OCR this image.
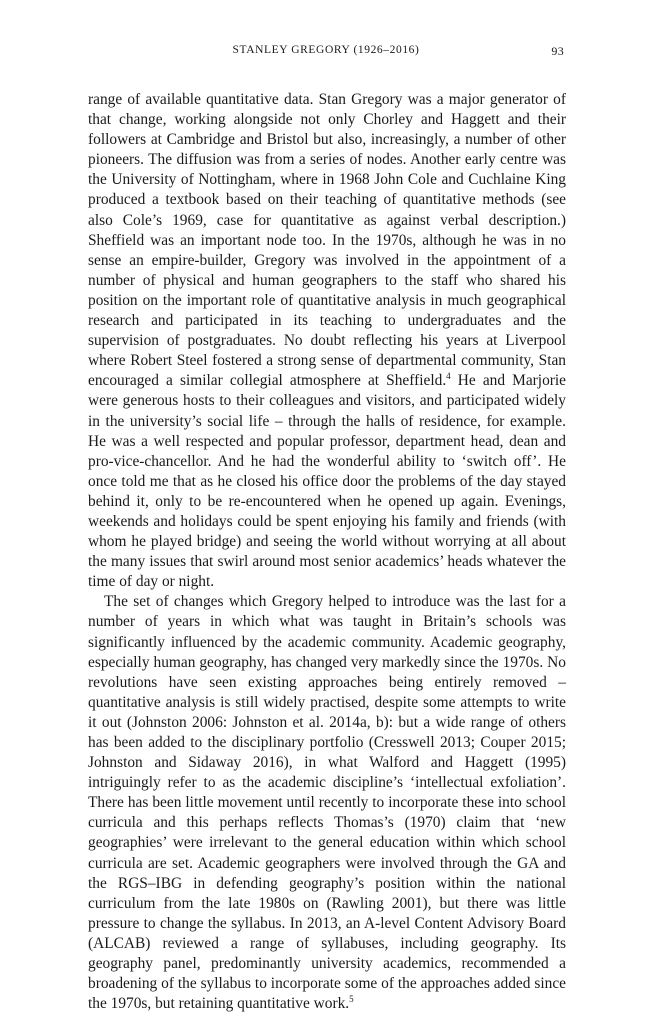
STANLEY GREGORY (1926–2016)	93

range of available quantitative data. Stan Gregory was a major generator of that change, working alongside not only Chorley and Haggett and their followers at Cambridge and Bristol but also, increasingly, a number of other pioneers. The diffusion was from a series of nodes. Another early centre was the University of Nottingham, where in 1968 John Cole and Cuchlaine King produced a textbook based on their teaching of quantitative methods (see also Cole’s 1969, case for quantitative as against verbal description.) Sheffield was an important node too. In the 1970s, although he was in no sense an empire-builder, Gregory was involved in the appointment of a number of physical and human geographers to the staff who shared his position on the important role of quantitative analysis in much geographical research and participated in its teaching to undergraduates and the supervision of postgraduates. No doubt reflecting his years at Liverpool where Robert Steel fostered a strong sense of departmental community, Stan encouraged a similar collegial atmosphere at Sheffield.$^4$ He and Marjorie were generous hosts to their colleagues and visitors, and participated widely in the university’s social life – through the halls of residence, for example. He was a well respected and popular professor, department head, dean and pro-vice-chancellor. And he had the wonderful ability to ‘switch off’. He once told me that as he closed his office door the problems of the day stayed behind it, only to be re-encountered when he opened up again. Evenings, weekends and holidays could be spent enjoying his family and friends (with whom he played bridge) and seeing the world without worrying at all about the many issues that swirl around most senior academics’ heads whatever the time of day or night.

The set of changes which Gregory helped to introduce was the last for a number of years in which what was taught in Britain’s schools was significantly influenced by the academic community. Academic geography, especially human geography, has changed very markedly since the 1970s. No revolutions have seen existing approaches being entirely removed – quantitative analysis is still widely practised, despite some attempts to write it out (Johnston 2006: Johnston et al. 2014a, b): but a wide range of others has been added to the disciplinary portfolio (Cresswell 2013; Couper 2015; Johnston and Sidaway 2016), in what Walford and Haggett (1995) intriguingly refer to as the academic discipline’s ‘intellectual exfoliation’. There has been little movement until recently to incorporate these into school curricula and this perhaps reflects Thomas’s (1970) claim that ‘new geographies’ were irrelevant to the general education within which school curricula are set. Academic geographers were involved through the GA and the RGS–IBG in defending geography’s position within the national curriculum from the late 1980s on (Rawling 2001), but there was little pressure to change the syllabus. In 2013, an A-level Content Advisory Board (ALCAB) reviewed a range of syllabuses, including geography. Its geography panel, predominantly university academics, recommended a broadening of the syllabus to incorporate some of the approaches added since the 1970s, but retaining quantitative work.$^5$
